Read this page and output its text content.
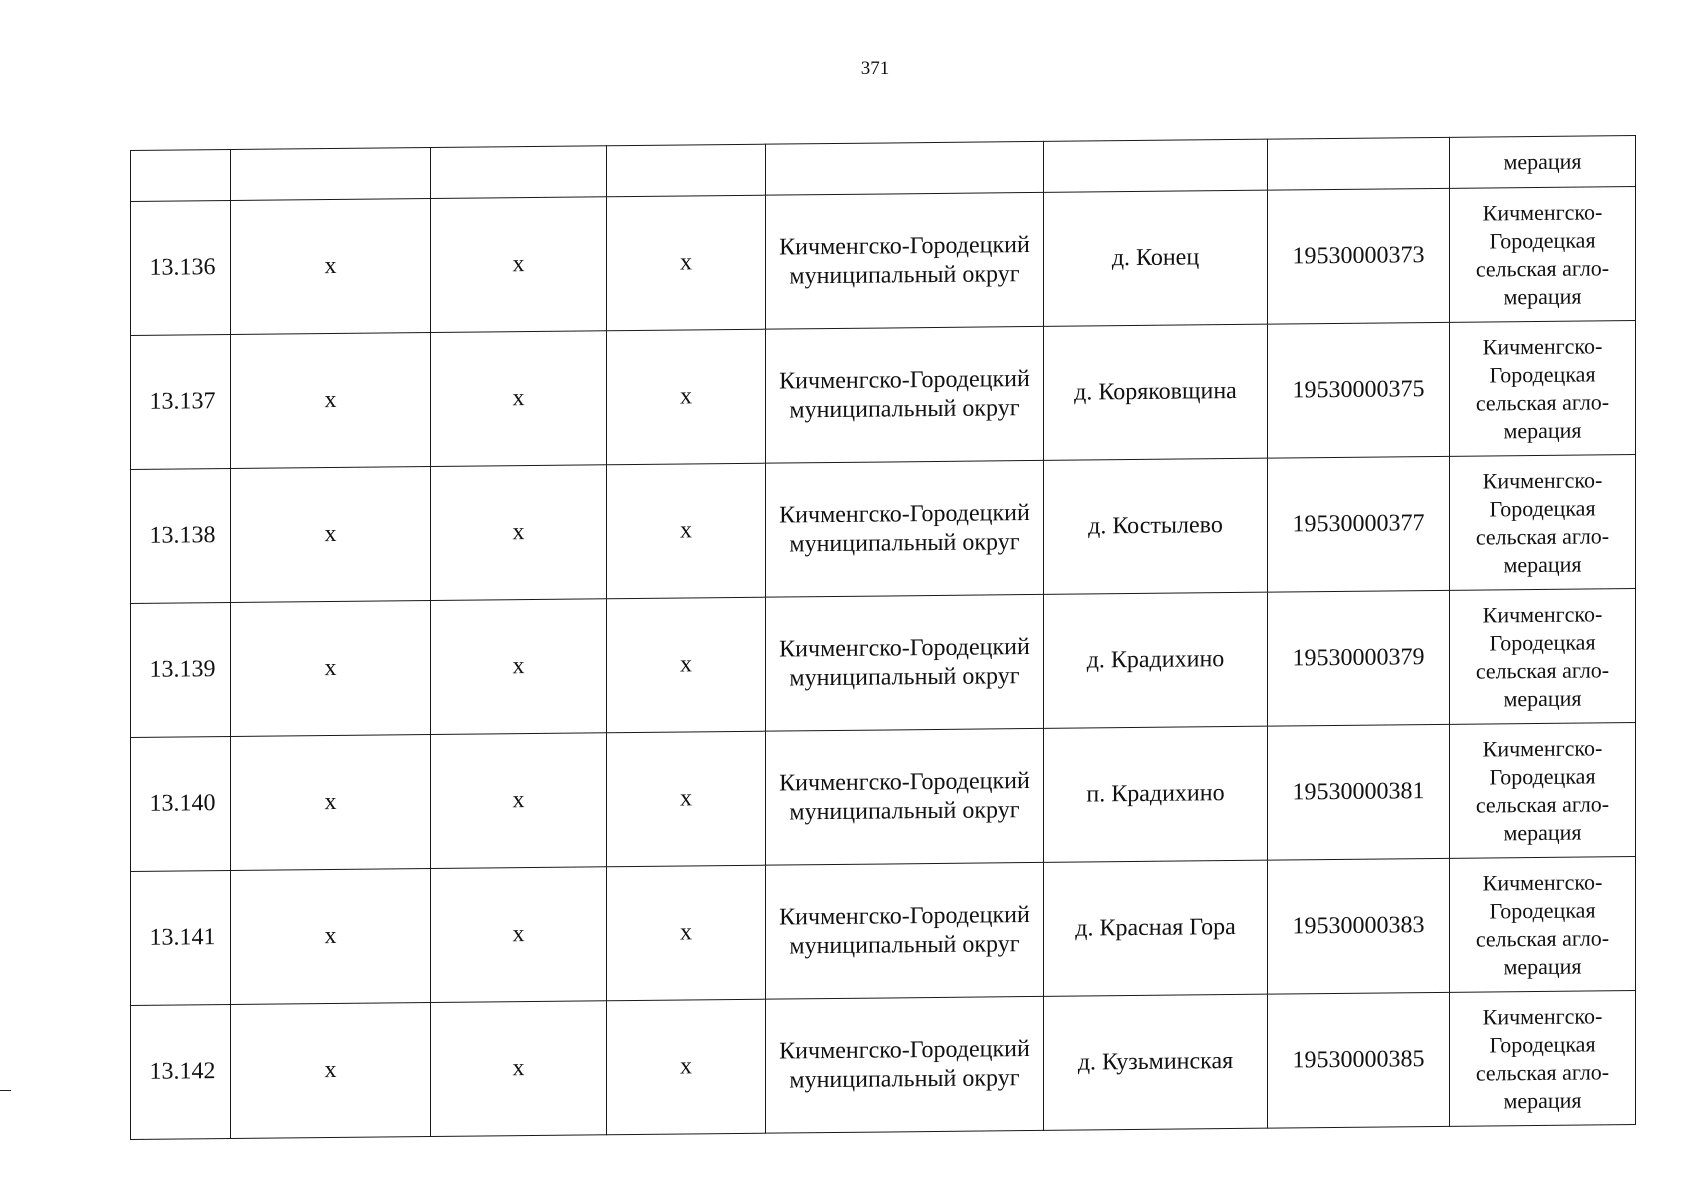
371
							мерация
13.136	x	x	x	Кичменгско-Городецкий муниципальный округ	д. Конец	19530000373	Кичменгско-Городецкая сельская агло-мерация
13.137	x	x	x	Кичменгско-Городецкий муниципальный округ	д. Коряковщина	19530000375	Кичменгско-Городецкая сельская агло-мерация
13.138	x	x	x	Кичменгско-Городецкий муниципальный округ	д. Костылево	19530000377	Кичменгско-Городецкая сельская агло-мерация
13.139	x	x	x	Кичменгско-Городецкий муниципальный округ	д. Крадихино	19530000379	Кичменгско-Городецкая сельская агло-мерация
13.140	x	x	x	Кичменгско-Городецкий муниципальный округ	п. Крадихино	19530000381	Кичменгско-Городецкая сельская агло-мерация
13.141	x	x	x	Кичменгско-Городецкий муниципальный округ	д. Красная Гора	19530000383	Кичменгско-Городецкая сельская агло-мерация
13.142	x	x	x	Кичменгско-Городецкий муниципальный округ	д. Кузьминская	19530000385	Кичменгско-Городецкая сельская агло-мерация
